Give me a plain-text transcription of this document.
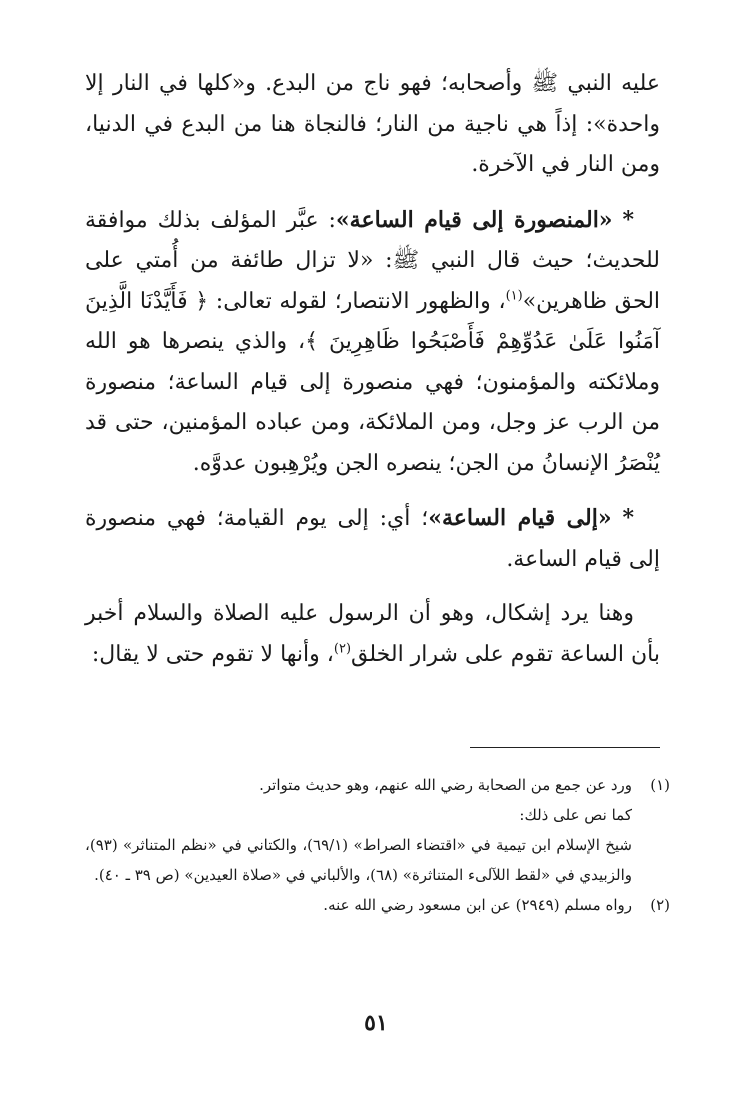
عليه النبي ﷺ وأصحابه؛ فهو ناج من البدع. و«كلها في النار إلا واحدة»: إذاً هي ناجية من النار؛ فالنجاة هنا من البدع في الدنيا، ومن النار في الآخرة.

* «المنصورة إلى قيام الساعة»: عبَّر المؤلف بذلك موافقة للحديث؛ حيث قال النبي ﷺ: «لا تزال طائفة من أُمتي على الحق ظاهرين»$^{(١)}$، والظهور الانتصار؛ لقوله تعالى: ﴿ فَأَيَّدْنَا الَّذِينَ آمَنُوا عَلَىٰ عَدُوِّهِمْ فَأَصْبَحُوا ظَاهِرِينَ ﴾، والذي ينصرها هو الله وملائكته والمؤمنون؛ فهي منصورة إلى قيام الساعة؛ منصورة من الرب عز وجل، ومن الملائكة، ومن عباده المؤمنين، حتى قد يُنْصَرُ الإنسانُ من الجن؛ ينصره الجن ويُرْهِبون عدوَّه.

* «إلى قيام الساعة»؛ أي: إلى يوم القيامة؛ فهي منصورة إلى قيام الساعة.

وهنا يرد إشكال، وهو أن الرسول عليه الصلاة والسلام أخبر بأن الساعة تقوم على شرار الخلق$^{(٢)}$، وأنها لا تقوم حتى لا يقال:

(١)
ورد عن جمع من الصحابة رضي الله عنهم، وهو حديث متواتر.
كما نص على ذلك:
شيخ الإسلام ابن تيمية في «اقتضاء الصراط» (٦٩/١)، والكتاني في «نظم المتناثر» (٩٣)، والزبيدي في «لقط اللآلىء المتناثرة» (٦٨)، والألباني في «صلاة العيدين» (ص ٣٩ ـ ٤٠).
(٢)
رواه مسلم (٢٩٤٩) عن ابن مسعود رضي الله عنه.
٥١
